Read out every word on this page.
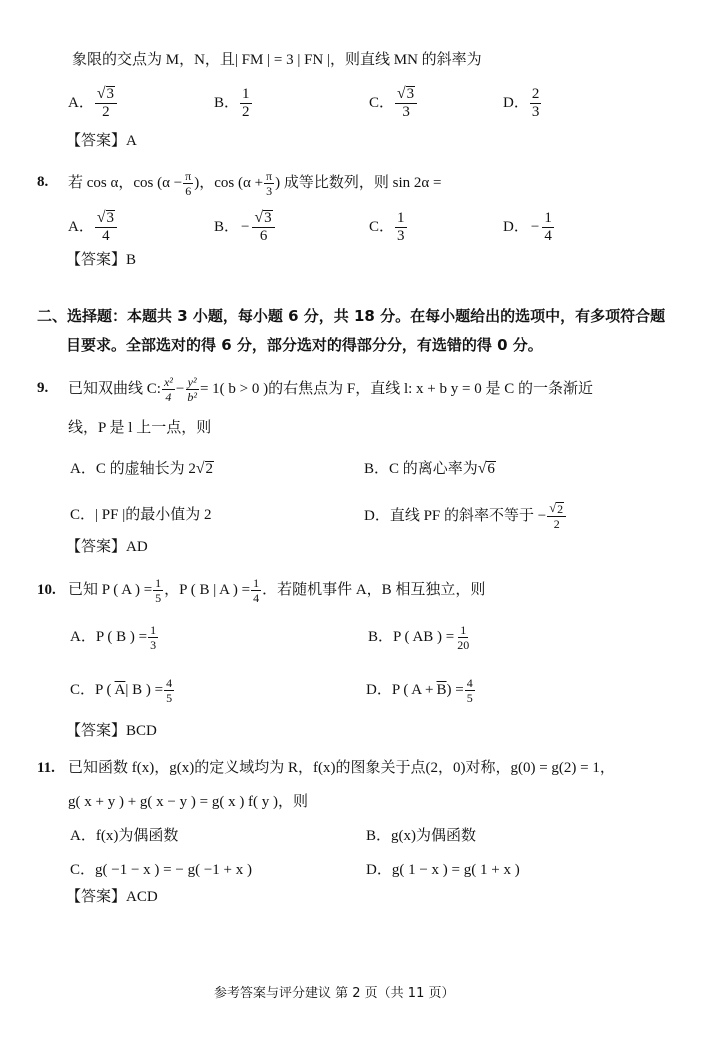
象限的交点为 M，N，且| FM | = 3 | FN |，则直线 MN 的斜率为
A． $\frac{√ 3}{2}$	B． $\frac{1}{2}$	C． $\frac{√ 3}{3}$	D． $\frac{2}{3}$
【答案】A
8. 若 cos α，$\cos (\alpha - \frac{\pi}{6}$ )，$\cos (\alpha + \frac{\pi}{3}$ ) 成等比数列，则 sin 2α =
A． $\frac{√ 3}{4}$	B． − $\frac{√ 3}{6}$	C． $\frac{1}{3}$	D． − $\frac{1}{4}$
【答案】B
二、选择题：本题共 3 小题，每小题 6 分，共 18 分。在每小题给出的选项中，有多项符合题
目要求。全部选对的得 6 分，部分选对的得部分分，有选错的得 0 分。
9. 已知双曲线 C: $\frac{\text{x²}}{4} - \frac{\text{y²}}{\text{b²}} = 1$( b > 0 )的右焦点为 F，直线 l: x + b y = 0 是 C 的一条渐近
线，P 是 l 上一点，则
A．C 的虚轴长为 2 √ 2	B．C 的离心率为 √ 6
C．| PF |的最小值为 2	D．直线 PF 的斜率不等于 − $\frac{√ 2}{2}$
【答案】AD
10. 已知 P ( A ) = $\frac{1}{5}$ ，P ( B | A ) = $\frac{1}{4}$ ．若随机事件 A，B 相互独立，则
A．P ( B ) = $\frac{1}{3}$	B．P ( AB ) = $\frac{1}{20}$
C．P ( $\overline{A}$ | B ) = $\frac{4}{5}$	D．P ( $A + \overline{B}$ ) = $\frac{4}{5}$
【答案】BCD
11. 已知函数 f(x)，g(x)的定义域均为 R，f(x)的图象关于点(2，0)对称，g(0) = g(2) = 1，
g( x + y ) + g( x − y ) = g( x ) f( y )，则
A．f(x)为偶函数	B．g(x)为偶函数
C．g( −1 − x ) = − g( −1 + x )	D．g( 1 − x ) = g( 1 + x )
【答案】ACD
参考答案与评分建议 第 2 页（共 11 页）
